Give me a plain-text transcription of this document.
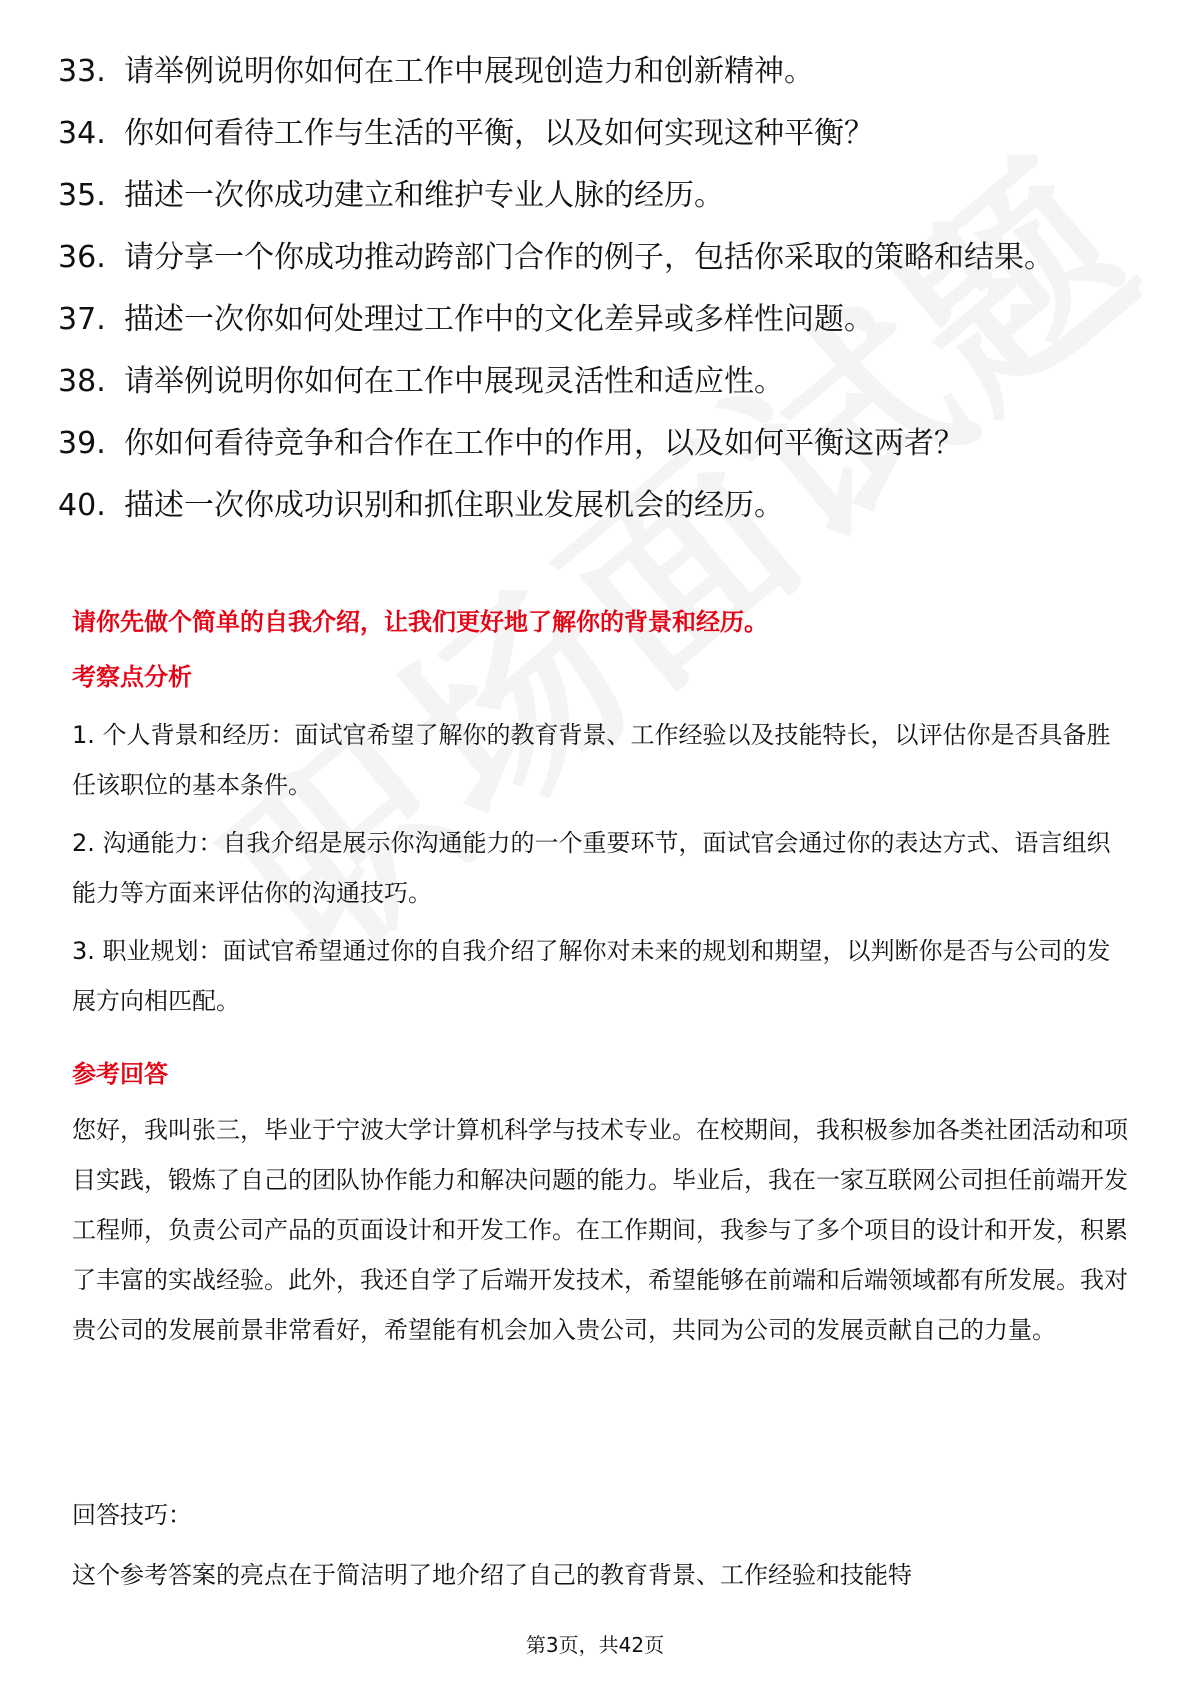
33 . 请举例说明你如何在工作中展现创造力和创新精神。
34 . 你如何看待工作与生活的平衡，以及如何实现这种平衡？
35 . 描述一次你成功建立和维护专业人脉的经历。
36 . 请分享一个你成功推动跨部门合作的例子，包括你采取的策略和结果。
37 . 描述一次你如何处理过工作中的文化差异或多样性问题。
38 . 请举例说明你如何在工作中展现灵活性和适应性。
39 . 你如何看待竞争和合作在工作中的作用，以及如何平衡这两者？
40 . 描述一次你成功识别和抓住职业发展机会的经历。
请你先做个简单的自我介绍，让我们更好地了解你的背景和经历。
考察点分析

1. 个人背景和经历：面试官希望了解你的教育背景、工作经验以及技能特长，以评估你是否具备胜任该职位的基本条件。

2. 沟通能力：自我介绍是展示你沟通能力的一个重要环节，面试官会通过你的表达方式、语言组织能力等方面来评估你的沟通技巧。

3. 职业规划：面试官希望通过你的自我介绍了解你对未来的规划和期望，以判断你是否与公司的发展方向相匹配。

参考回答
您好，我叫张三，毕业于宁波大学计算机科学与技术专业。在校期间，我积极参加各类社团活动和项目实践，锻炼了自己的团队协作能力和解决问题的能力。毕业后，我在一家互联网公司担任前端开发工程师，负责公司产品的页面设计和开发工作。在工作期间，我参与了多个项目的设计和开发，积累了丰富的实战经验。此外，我还自学了后端开发技术，希望能够在前端和后端领域都有所发展。我对贵公司的发展前景非常看好，希望能有机会加入贵公司，共同为公司的发展贡献自己的力量。
回答技巧：
这个参考答案的亮点在于简洁明了地介绍了自己的教育背景、工作经验和技能特
第3页，共42页
